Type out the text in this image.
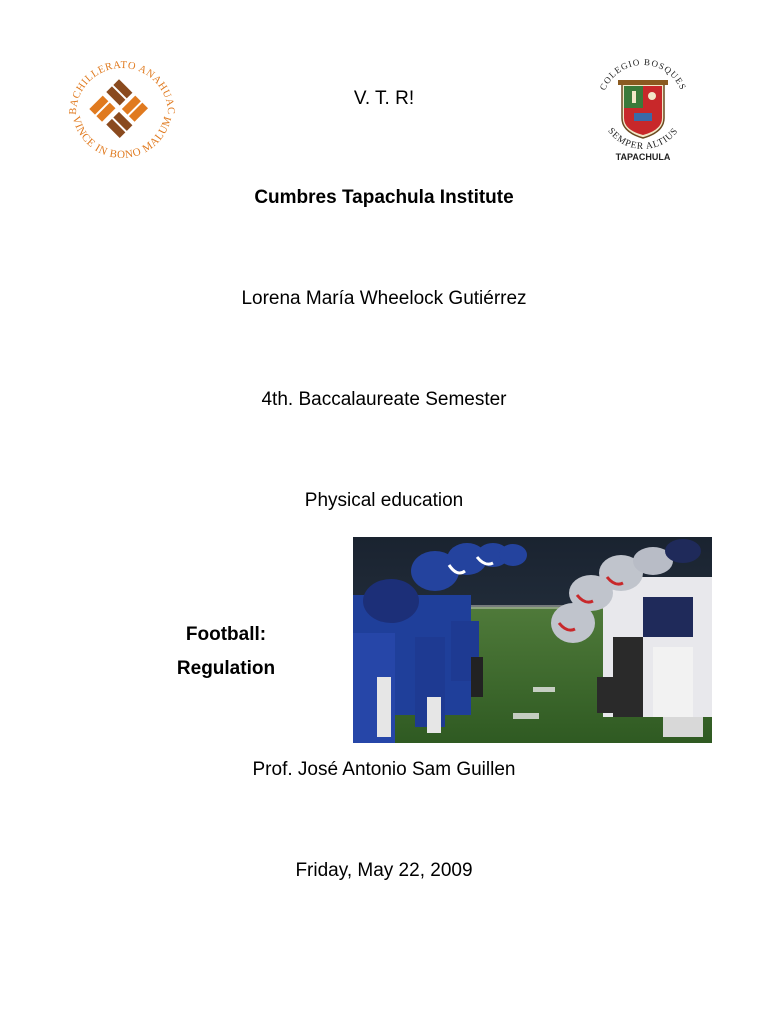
BACHILLERATO ANAHUAC
VINCE IN BONO MALUM
COLEGIO BOSQUES
SEMPER ALTIUS
TAPACHULA
V. T. R!
Cumbres Tapachula Institute
Lorena María Wheelock Gutiérrez
4th. Baccalaureate Semester
Physical education
Football:
Regulation
Prof. José Antonio Sam Guillen
Friday, May 22, 2009
